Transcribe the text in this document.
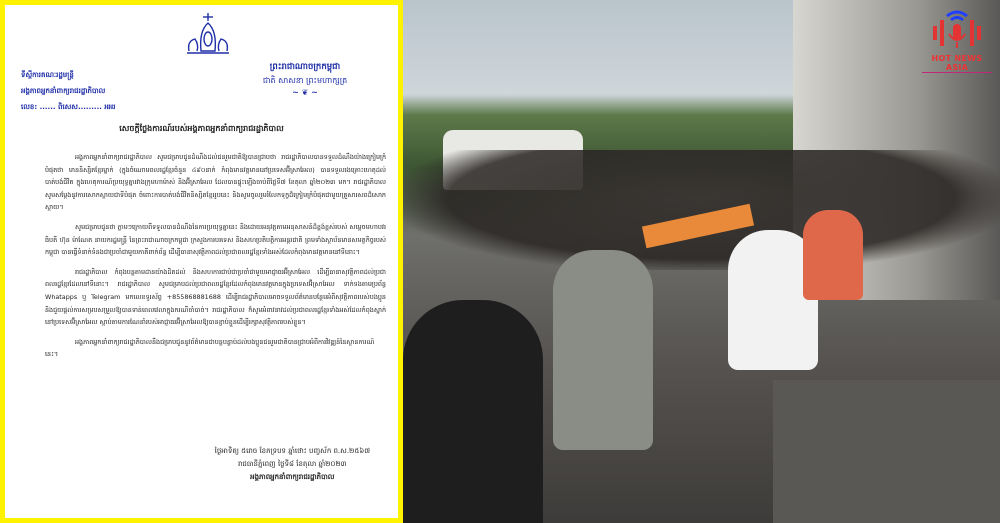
ព្រះរាជាណាចក្រកម្ពុជា
ជាតិ សាសនា ព្រះមហាក្សត្រ
~ ❦ ~
ទីស្តីការគណៈរដ្ឋមន្ត្រី
អង្គភាពអ្នកនាំពាក្យរាជរដ្ឋាភិបាល
លេខ: ...... ពិសេស......... អអរ
សេចក្តីថ្លែងការណ៍របស់អង្គភាពអ្នកនាំពាក្យរាជរដ្ឋាភិបាល

អង្គភាពអ្នកនាំពាក្យរាជរដ្ឋាភិបាល សូមជម្រាបជូនដំណឹងដល់ជនរួមជាតិឱ្យបានជ្រាបថា រាជរដ្ឋាភិបាលបានទទួលដំណឹងយ៉ាងក្រៀមក្រំបំផុតថា មាននិស្សិតខ្មែរម្នាក់ (ក្នុងចំណោមពលរដ្ឋខ្មែរចំនួន ៤៩០នាក់ កំពុងមានវត្តមាននៅប្រទេសអ៊ីស្រាអែល) បានទទួលរងគ្រោះហេតុដល់បាត់បង់ជីវិត ក្នុងហេតុការណ៍ប្រយុទ្ធគ្នារវាងក្រុមហាម៉ាស់ និងអ៊ីស្រាអែល ដែលបានផ្ទុះឡើងចាប់ពីថ្ងៃទី៧ ខែតុលា ឆ្នាំ២០២៣ មក។ រាជរដ្ឋាភិបាលសូមសម្តែងនូវការសោកស្តាយជាទីបំផុត ចំពោះការបាត់បង់ជីវិតនិស្សិតខ្មែររូបនេះ និងសូមចូលរួមរំលែកទុក្ខដ៏ក្រៀមក្រំបំផុតជាមួយគ្រួសារសពដ៏សោកស្តាយ។

សូមជម្រាបជូនថា ភ្លាមៗក្រោយពីទទួលបានដំណឹងនៃការប្រយុទ្ធគ្នានេះ និងដោយអនុវត្តតាមអនុសាសន៍ដ៏ខ្ពង់ខ្ពស់របស់ សម្តេចមហាបវរធិបតី ហ៊ុន ម៉ាណែត នាយករដ្ឋមន្ត្រី នៃព្រះរាជាណាចក្រកម្ពុជា ក្រសួងការបរទេស និងសហប្រតិបត្តិការអន្តរជាតិ ព្រមទាំងស្ថាប័នមានសមត្ថកិច្ចរបស់កម្ពុជា បានធ្វើទំនាក់ទំនងជាប្រចាំជាមួយភាគីពាក់ព័ន្ធ ដើម្បីធានាសុវត្ថិភាពដល់ប្រជាពលរដ្ឋខ្មែរទាំងអស់ដែលកំពុងមានវត្តមាននៅទីនោះ។

រាជរដ្ឋាភិបាល កំពុងបន្តតាមដានយ៉ាងដិតដល់ និងសហការជាប់ជាប្រចាំជាមួយអាជ្ញាធរអ៊ីស្រាអែល ដើម្បីធានាសុវត្ថិភាពដល់ប្រជាពលរដ្ឋខ្មែរដែលនៅទីនោះ។ រាជរដ្ឋាភិបាល សូមជម្រាបដល់ប្រជាពលរដ្ឋខ្មែរដែលកំពុងមានវត្តមានក្នុងប្រទេសអ៊ីស្រាអែល ទាក់ទងតាមប្រព័ន្ធ Whatapps ឬ Telegram មកលេខទូរស័ព្ទ +855868881688 ដើម្បីរាជរដ្ឋាភិបាលអាចទទួលព័ត៌មានបន្ថែមអំពីសុវត្ថិភាពរបស់បងប្អូន និងជួយផ្តល់ការសម្របសម្រួលឱ្យបានទាន់ពេលវេលាក្នុងករណីចាំបាច់។ រាជរដ្ឋាភិបាល ក៏សូមអំពាវនាវដល់ប្រជាពលរដ្ឋខ្មែរទាំងអស់ដែលកំពុងស្នាក់នៅប្រទេសអ៊ីស្រាអែល ស្តាប់តាមការណែនាំរបស់អាជ្ញាធរអ៊ីស្រាអែលឱ្យបានខ្ជាប់ខ្ជួនដើម្បីរក្សាសុវត្ថិភាពរបស់ខ្លួន។

អង្គភាពអ្នកនាំពាក្យរាជរដ្ឋាភិបាលនឹងជម្រាបជូននូវព័ត៌មានជាបន្តបន្ទាប់ដល់បងប្អូនជនរួមជាតិបានជ្រាបអំពីការវិវឌ្ឍន៍នៃស្ថានការណ៍នេះ។

ថ្ងៃអាទិត្យ ៥រោច ខែភទ្របទ ឆ្នាំថោះ បញ្ចស័ក ព.ស.២៥៦៧
រាជធានីភ្នំពេញ ថ្ងៃទី៨ ខែតុលា ឆ្នាំ២០២៣
អង្គភាពអ្នកនាំពាក្យរាជរដ្ឋាភិបាល
HOT NEWS ASIA
